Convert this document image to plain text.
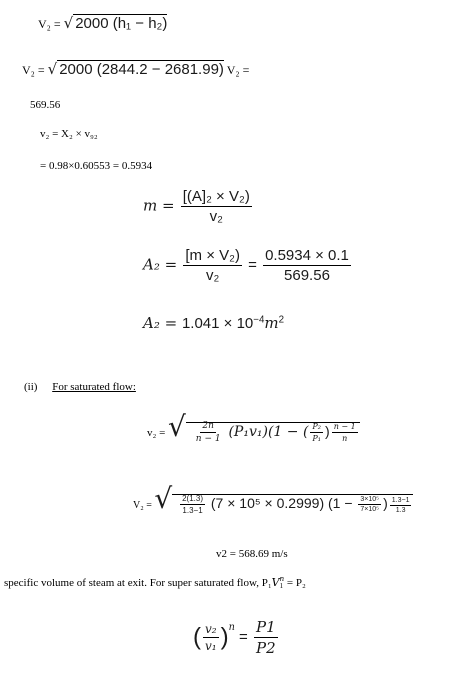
V₂ = √ 2000 (h₁ − h₂)
V₂ = √ 2000 (2844.2 − 2681.99) V₂ =
569.56
v₂ = X₂ × v₉₂
= 0.98×0.60553 = 0.5934
$m = \frac{\text{[(A]₂ × V₂)}}{\text{v₂}}$
$A_2 = \frac{\text{[m × V₂)}}{\text{v₂}} = \frac{0.5934 \times 0.1}{569.56}$
$A_2 = 1.041 \times 10^{-4}m^2$
(ii) For saturated flow:
v₂ = √ $\frac{2n}{n - 1} (P_1v_1)(1$ − ( $\frac{\text{P₂}}{\text{P₁}}$ ) $\frac{n - 1}{n}$
V₂ = √ $\frac{2(1.3)}{1.3-1} (7 \times 10^5 \times 0.2999) (1 - \frac{\text{3×10⁵}}{\text{7×10⁵}}$ ) $\frac{1.3-1}{1.3}$
v2 = 568.69 m/s
specific volume of steam at exit. For super saturated flow, P₁V n
1 = P₂
( $\frac{\text{v₂}}{\text{v₁}} )^n = \frac{P1}{P2}$
